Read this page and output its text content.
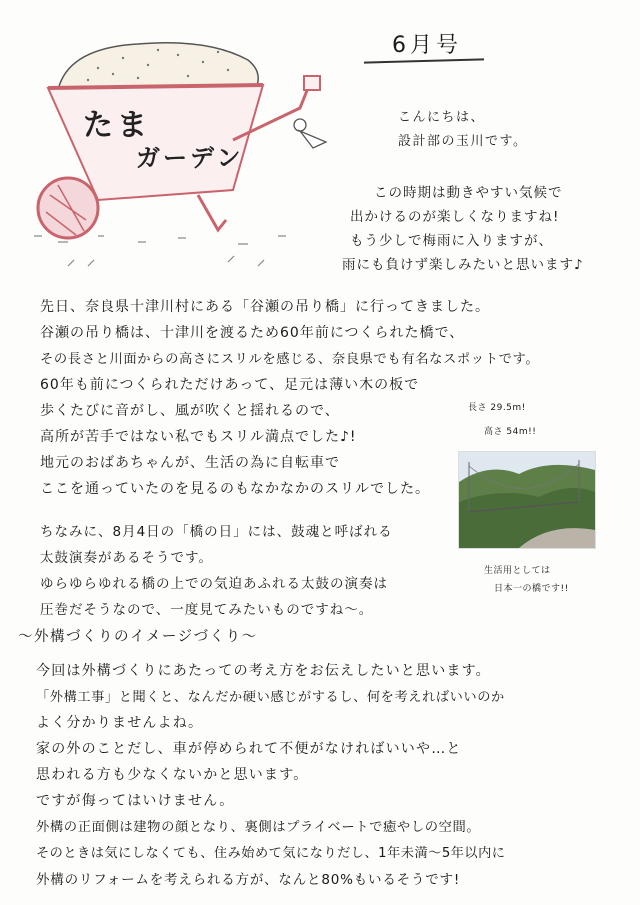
たま
ガーデン
6月号
こんにちは、
設計部の玉川です。
この時期は動きやすい気候で
出かけるのが楽しくなりますね!
もう少しで梅雨に入りますが、
雨にも負けず楽しみたいと思います♪
先日、奈良県十津川村にある「谷瀬の吊り橋」に行ってきました。
谷瀬の吊り橋は、十津川を渡るため60年前につくられた橋で、
その長さと川面からの高さにスリルを感じる、奈良県でも有名なスポットです。
60年も前につくられただけあって、足元は薄い木の板で
歩くたびに音がし、風が吹くと揺れるので、
高所が苦手ではない私でもスリル満点でした♪!
地元のおばあちゃんが、生活の為に自転車で
ここを通っていたのを見るのもなかなかのスリルでした。
長さ 29.5m!
高さ 54m!!
生活用としては
日本一の橋です!!
ちなみに、8月4日の「橋の日」には、鼓魂と呼ばれる
太鼓演奏があるそうです。
ゆらゆらゆれる橋の上での気迫あふれる太鼓の演奏は
圧巻だそうなので、一度見てみたいものですね～。
〜外構づくりのイメージづくり〜
今回は外構づくりにあたっての考え方をお伝えしたいと思います。
「外構工事」と聞くと、なんだか硬い感じがするし、何を考えればいいのか
よく分かりませんよね。
家の外のことだし、車が停められて不便がなければいいや…と
思われる方も少なくないかと思います。
ですが侮ってはいけません。
外構の正面側は建物の顔となり、裏側はプライベートで癒やしの空間。
そのときは気にしなくても、住み始めて気になりだし、1年未満～5年以内に
外構のリフォームを考えられる方が、なんと80%もいるそうです!
